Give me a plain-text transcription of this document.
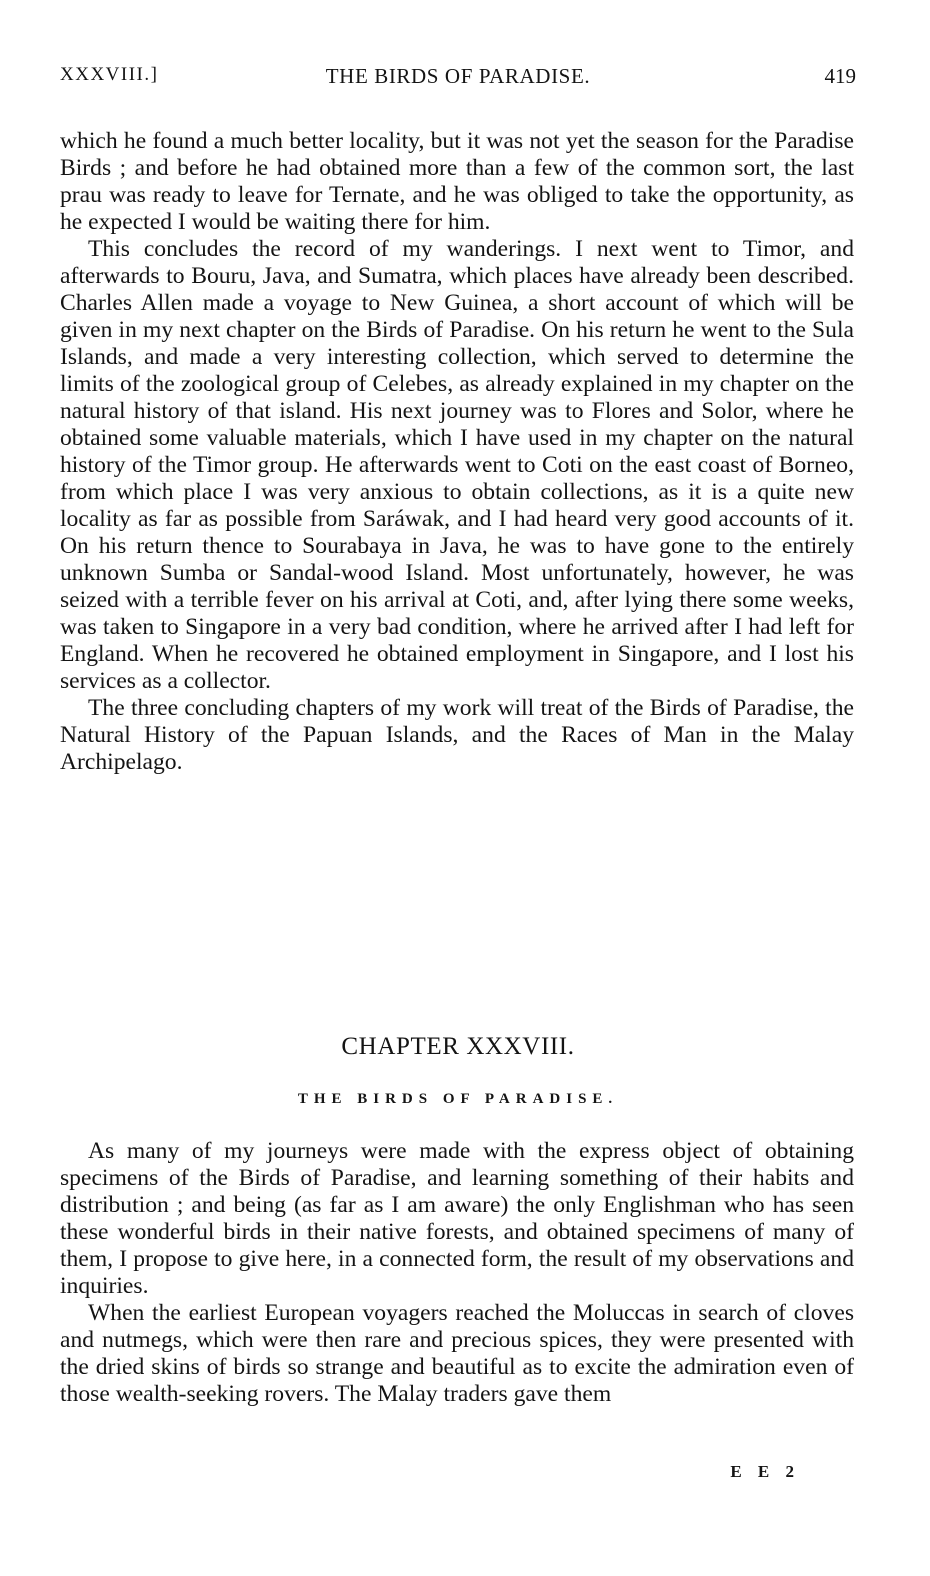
XXXVIII.]	THE BIRDS OF PARADISE.	419

which he found a much better locality, but it was not yet the season for the Paradise Birds ; and before he had obtained more than a few of the common sort, the last prau was ready to leave for Ternate, and he was obliged to take the opportunity, as he expected I would be waiting there for him.

This concludes the record of my wanderings. I next went to Timor, and afterwards to Bouru, Java, and Sumatra, which places have already been described. Charles Allen made a voyage to New Guinea, a short account of which will be given in my next chapter on the Birds of Paradise. On his return he went to the Sula Islands, and made a very interesting collection, which served to determine the limits of the zoological group of Celebes, as already explained in my chapter on the natural history of that island. His next journey was to Flores and Solor, where he obtained some valuable materials, which I have used in my chapter on the natural history of the Timor group. He afterwards went to Coti on the east coast of Borneo, from which place I was very anxious to obtain collections, as it is a quite new locality as far as possible from Saráwak, and I had heard very good accounts of it. On his return thence to Sourabaya in Java, he was to have gone to the entirely unknown Sumba or Sandal-wood Island. Most unfortunately, however, he was seized with a terrible fever on his arrival at Coti, and, after lying there some weeks, was taken to Singapore in a very bad condition, where he arrived after I had left for England. When he recovered he obtained employment in Singapore, and I lost his services as a collector.

The three concluding chapters of my work will treat of the Birds of Paradise, the Natural History of the Papuan Islands, and the Races of Man in the Malay Archipelago.

CHAPTER XXXVIII.
THE BIRDS OF PARADISE.

As many of my journeys were made with the express object of obtaining specimens of the Birds of Paradise, and learning something of their habits and distribution ; and being (as far as I am aware) the only Englishman who has seen these wonderful birds in their native forests, and obtained specimens of many of them, I propose to give here, in a connected form, the result of my observations and inquiries.

When the earliest European voyagers reached the Moluccas in search of cloves and nutmegs, which were then rare and precious spices, they were presented with the dried skins of birds so strange and beautiful as to excite the admiration even of those wealth-seeking rovers. The Malay traders gave them

E E 2
